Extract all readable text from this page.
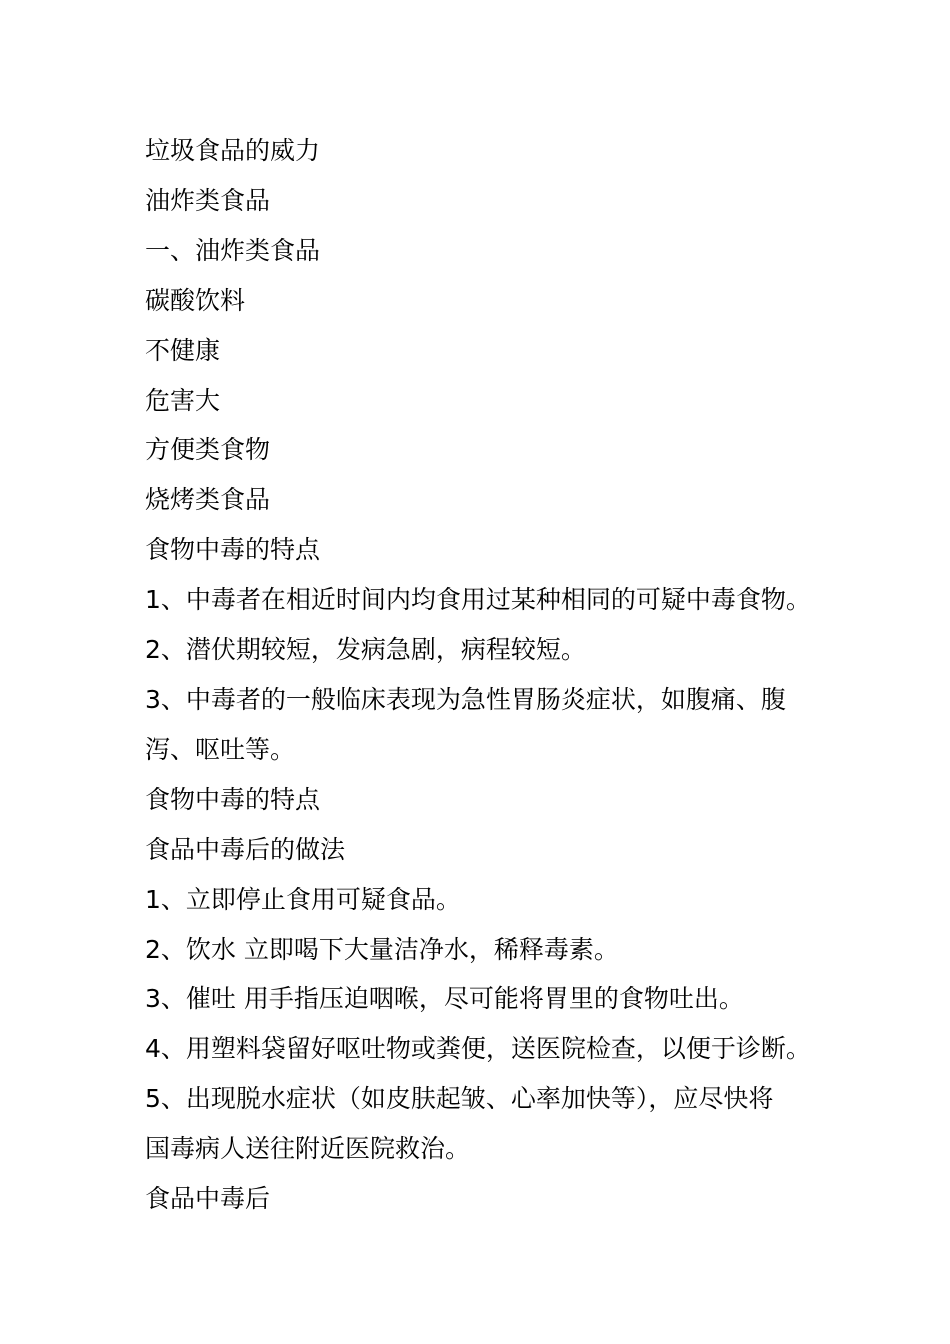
垃圾食品的威力
油炸类食品
一、油炸类食品
碳酸饮料
不健康
危害大
方便类食物
烧烤类食品
食物中毒的特点
1、中毒者在相近时间内均食用过某种相同的可疑中毒食物。
2、潜伏期较短，发病急剧，病程较短。
3、中毒者的一般临床表现为急性胃肠炎症状，如腹痛、腹
泻、呕吐等。
食物中毒的特点
食品中毒后的做法
1、立即停止食用可疑食品。
2、饮水 立即喝下大量洁净水，稀释毒素。
3、催吐 用手指压迫咽喉，尽可能将胃里的食物吐出。
4、用塑料袋留好呕吐物或粪便，送医院检查，以便于诊断。
5、出现脱水症状（如皮肤起皱、心率加快等），应尽快将
国毒病人送往附近医院救治。
食品中毒后
